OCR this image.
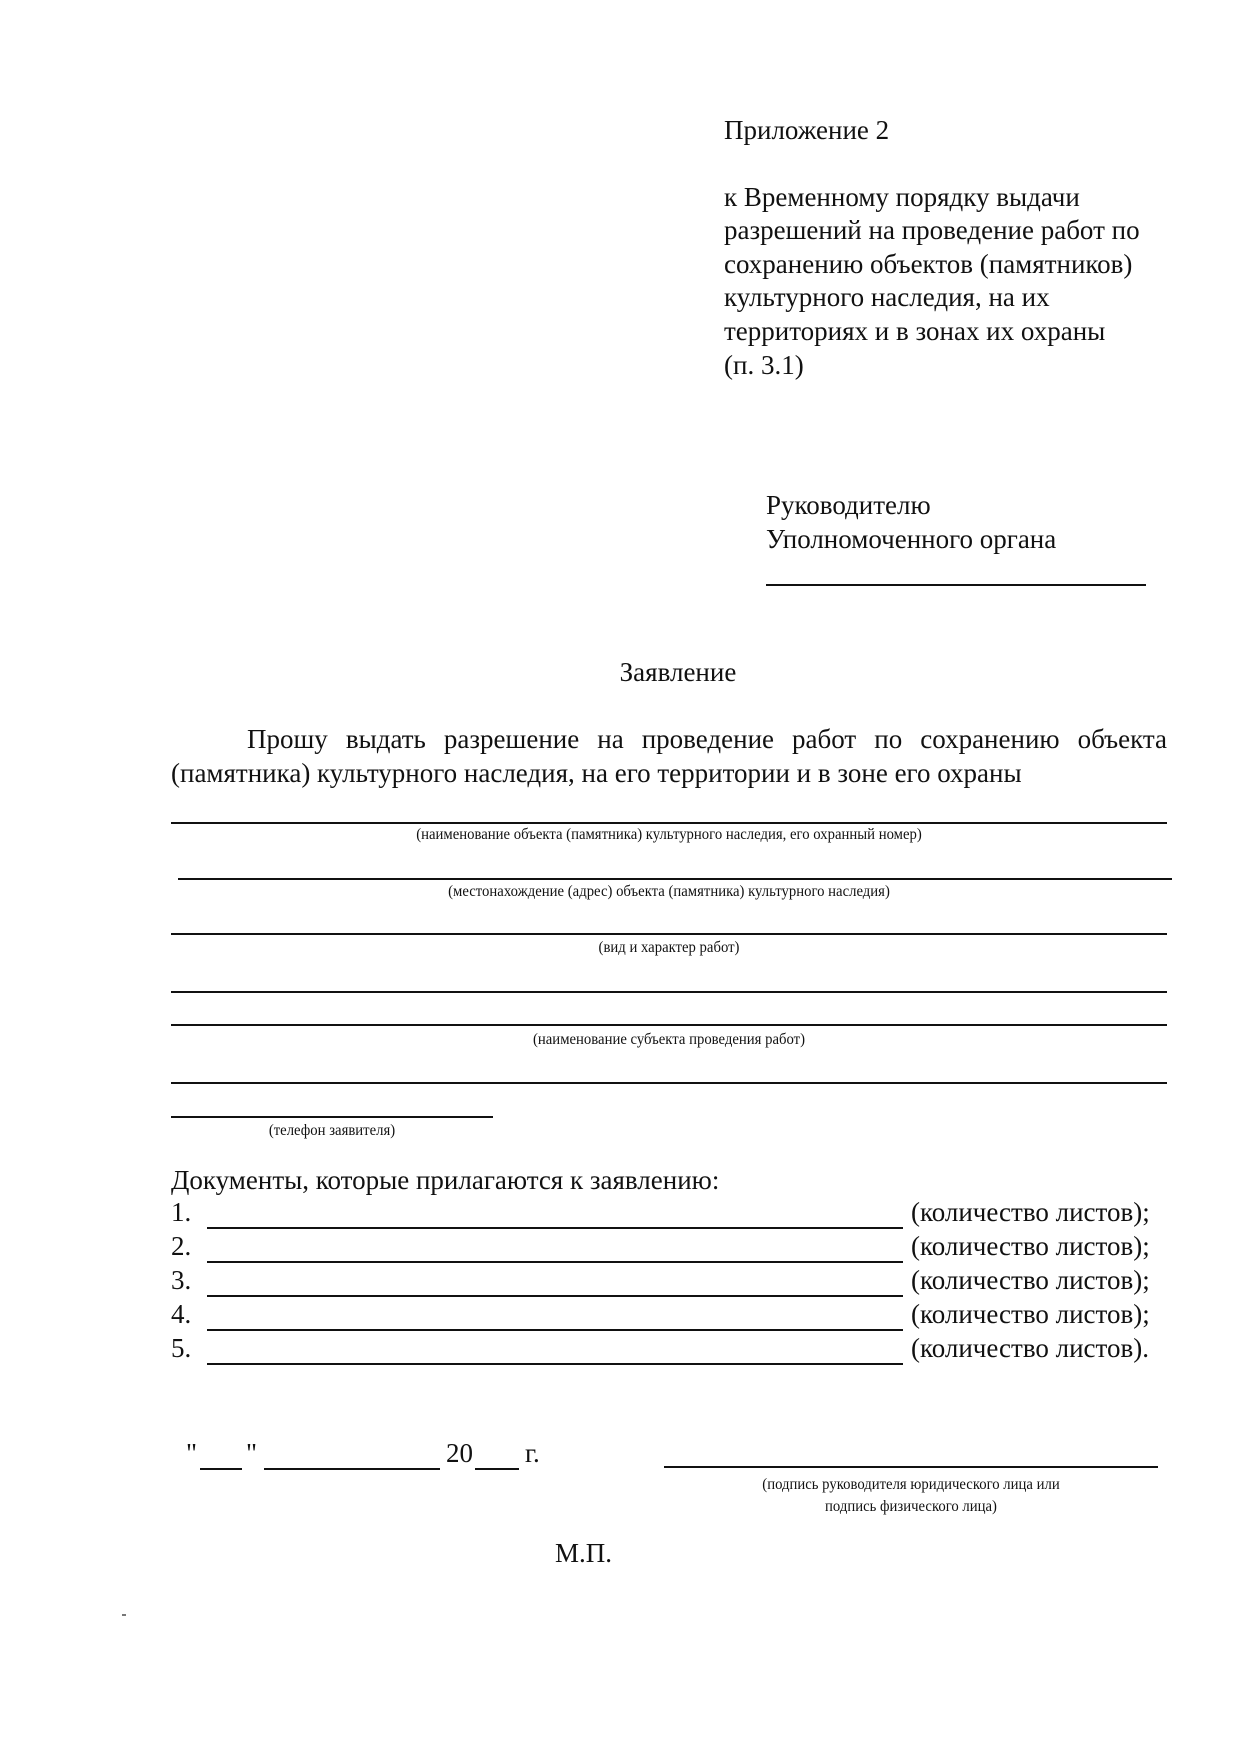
Приложение 2
к Временному порядку выдачи
разрешений на проведение работ по
сохранению объектов (памятников)
культурного наследия, на их
территориях и в зонах их охраны
(п. 3.1)
Руководителю
Уполномоченного органа
Заявление
Прошу выдать разрешение на проведение работ по сохранению объекта
(памятника) культурного наследия, на его территории и в зоне его охраны
(наименование объекта (памятника) культурного наследия, его охранный номер)
(местонахождение (адрес) объекта (памятника) культурного наследия)
(вид и характер работ)
(наименование субъекта проведения работ)
(телефон заявителя)
Документы, которые прилагаются к заявлению:
1.	(количество листов);
2.	(количество листов);
3.	(количество листов);
4.	(количество листов);
5.	(количество листов).
" "	20 г.
(подпись руководителя юридического лица или
подпись физического лица)
М.П.
